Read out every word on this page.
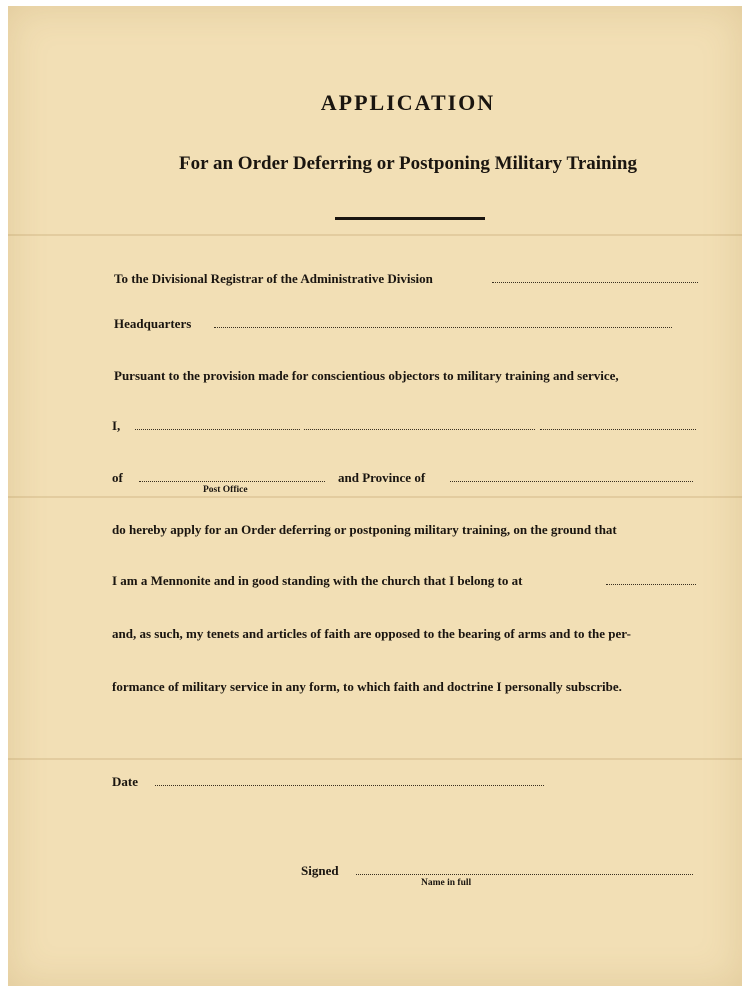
APPLICATION
For an Order Deferring or Postponing Military Training
To the Divisional Registrar of the Administrative Division
Headquarters
Pursuant to the provision made for conscientious objectors to military training and service,
I,
of
Post Office
and Province of
do hereby apply for an Order deferring or postponing military training, on the ground that
I am a Mennonite and in good standing with the church that I belong to at
and, as such, my tenets and articles of faith are opposed to the bearing of arms and to the per-
formance of military service in any form, to which faith and doctrine I personally subscribe.
Date
Signed
Name in full
